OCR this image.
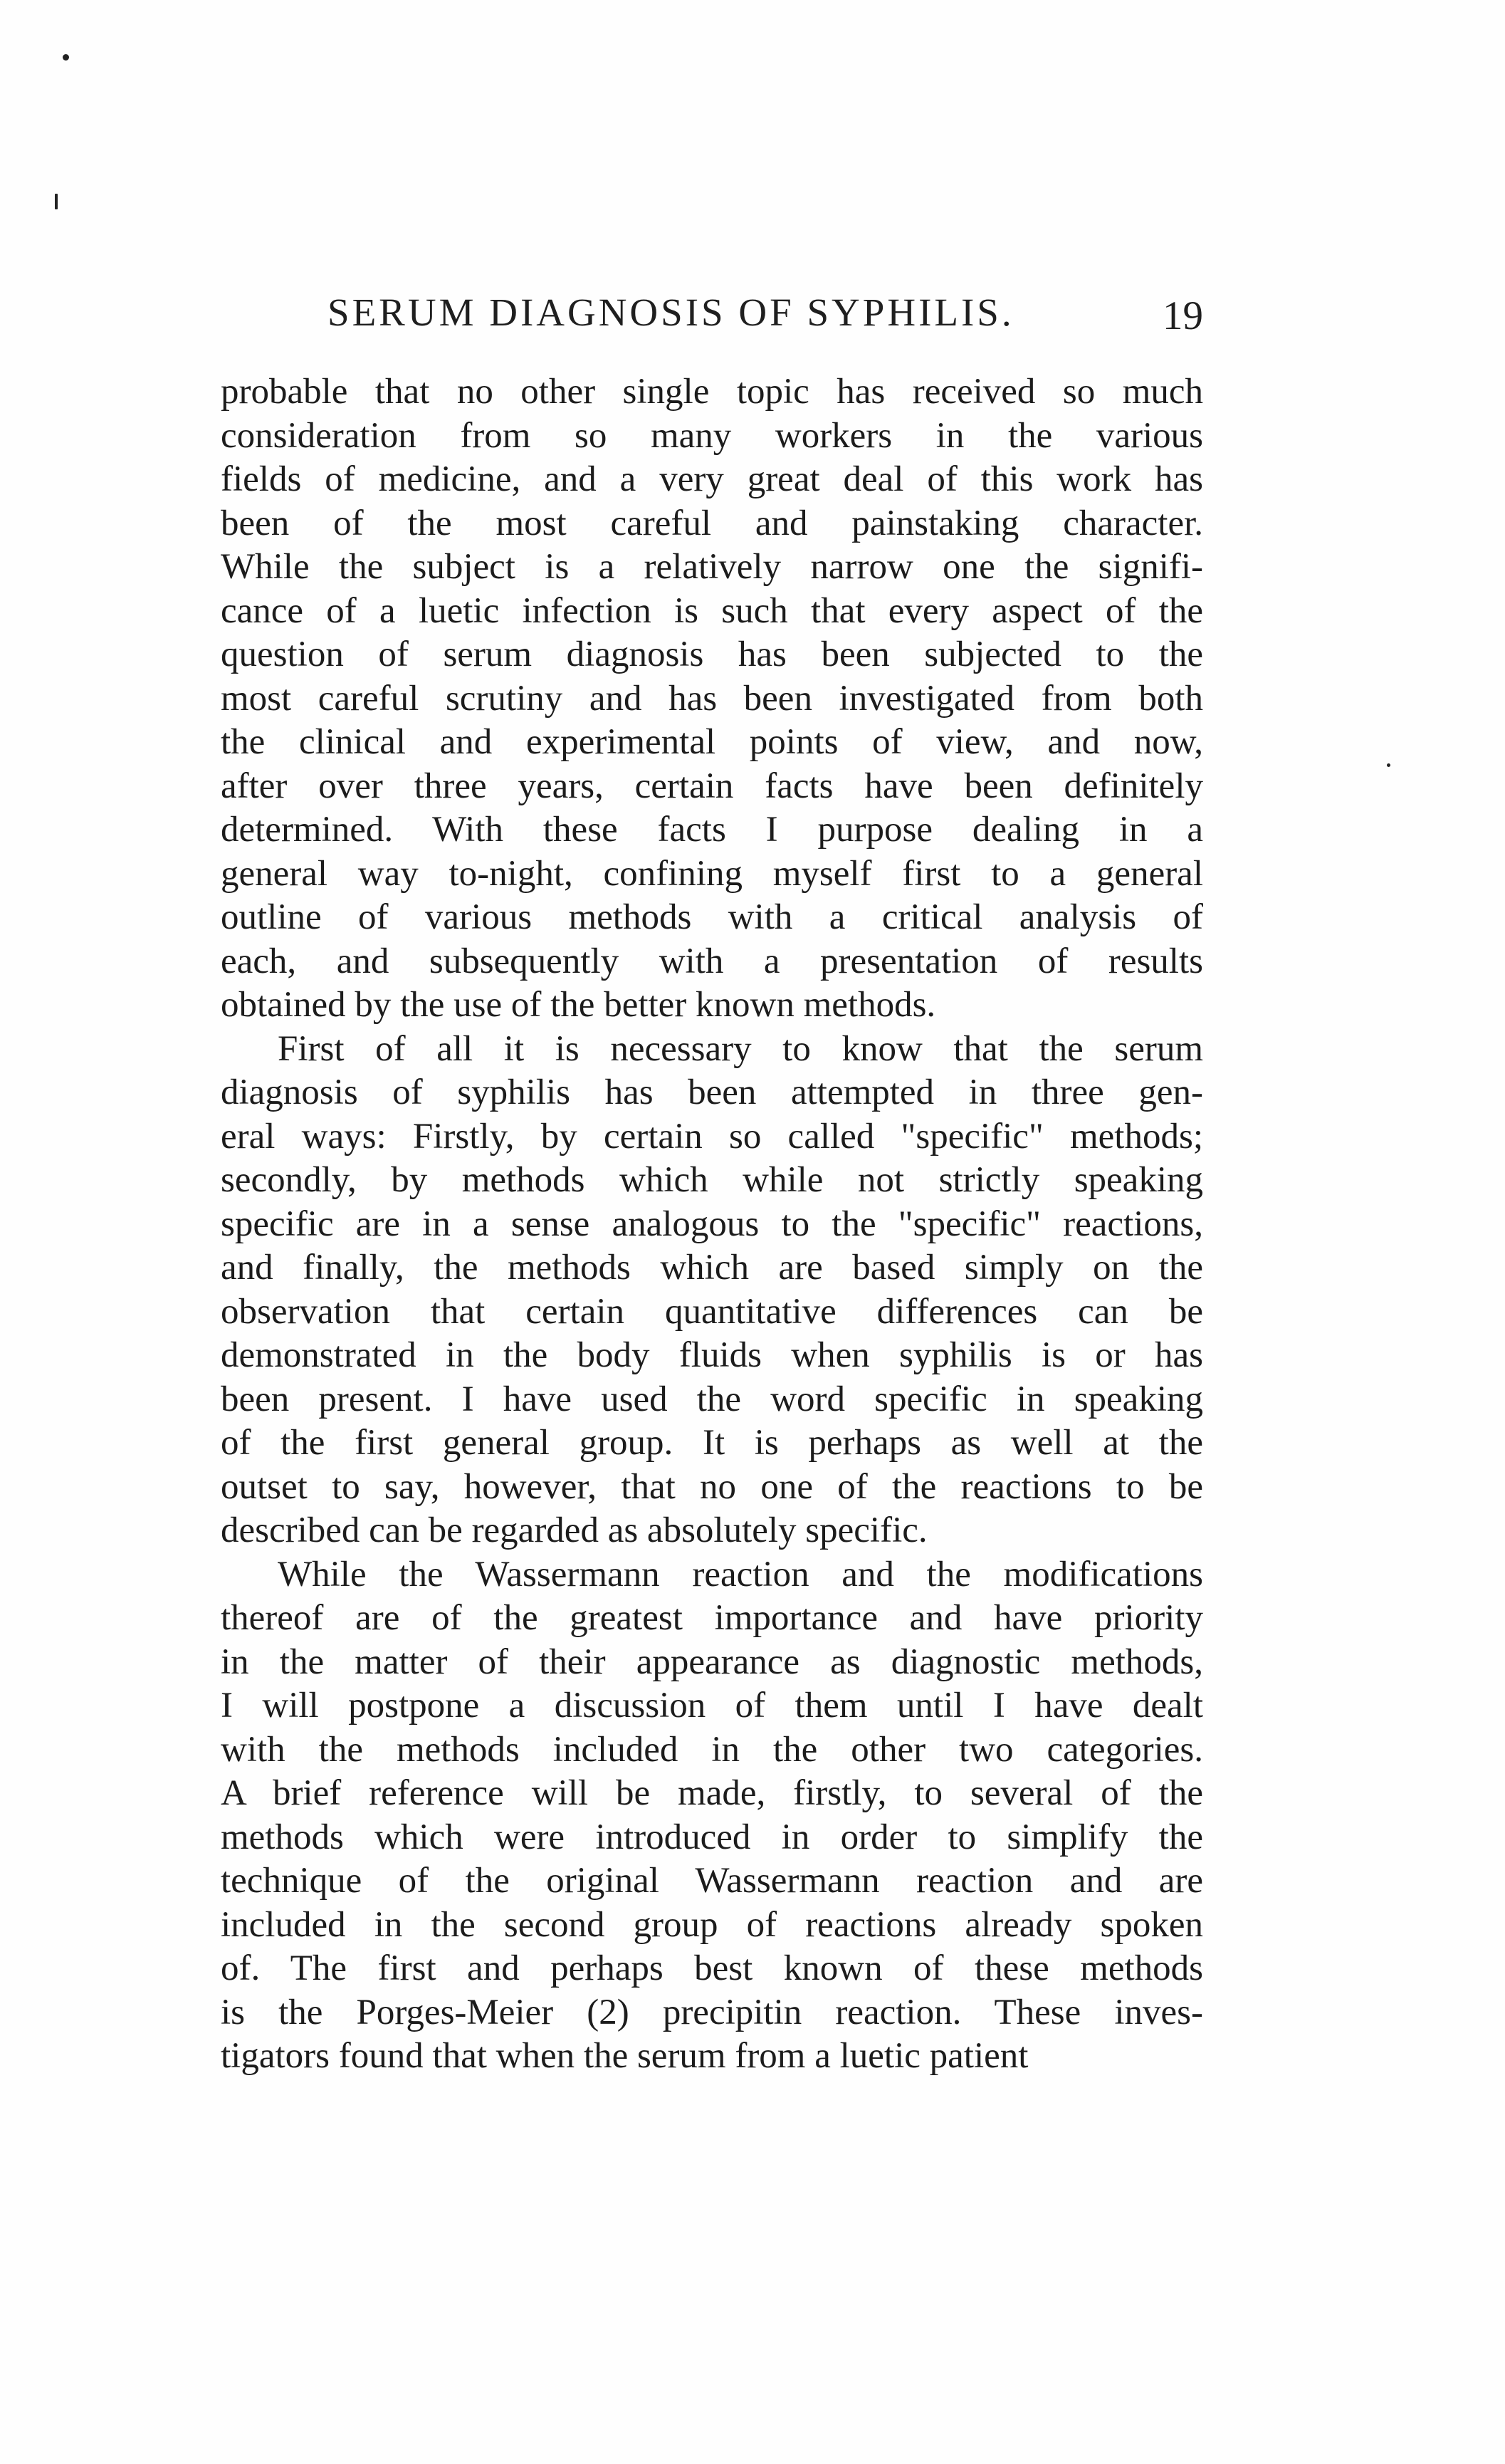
SERUM DIAGNOSIS OF SYPHILIS.	19
probable that no other single topic has received so much
consideration from so many workers in the various
fields of medicine, and a very great deal of this work has
been of the most careful and painstaking character.
While the subject is a relatively narrow one the signifi-
cance of a luetic infection is such that every aspect of the
question of serum diagnosis has been subjected to the
most careful scrutiny and has been investigated from both
the clinical and experimental points of view, and now,
after over three years, certain facts have been definitely
determined. With these facts I purpose dealing in a
general way to-night, confining myself first to a general
outline of various methods with a critical analysis of
each, and subsequently with a presentation of results
obtained by the use of the better known methods.
First of all it is necessary to know that the serum
diagnosis of syphilis has been attempted in three gen-
eral ways: Firstly, by certain so called "specific" methods;
secondly, by methods which while not strictly speaking
specific are in a sense analogous to the "specific" reactions,
and finally, the methods which are based simply on the
observation that certain quantitative differences can be
demonstrated in the body fluids when syphilis is or has
been present. I have used the word specific in speaking
of the first general group. It is perhaps as well at the
outset to say, however, that no one of the reactions to be
described can be regarded as absolutely specific.
While the Wassermann reaction and the modifications
thereof are of the greatest importance and have priority
in the matter of their appearance as diagnostic methods,
I will postpone a discussion of them until I have dealt
with the methods included in the other two categories.
A brief reference will be made, firstly, to several of the
methods which were introduced in order to simplify the
technique of the original Wassermann reaction and are
included in the second group of reactions already spoken
of. The first and perhaps best known of these methods
is the Porges-Meier (2) precipitin reaction. These inves-
tigators found that when the serum from a luetic patient
